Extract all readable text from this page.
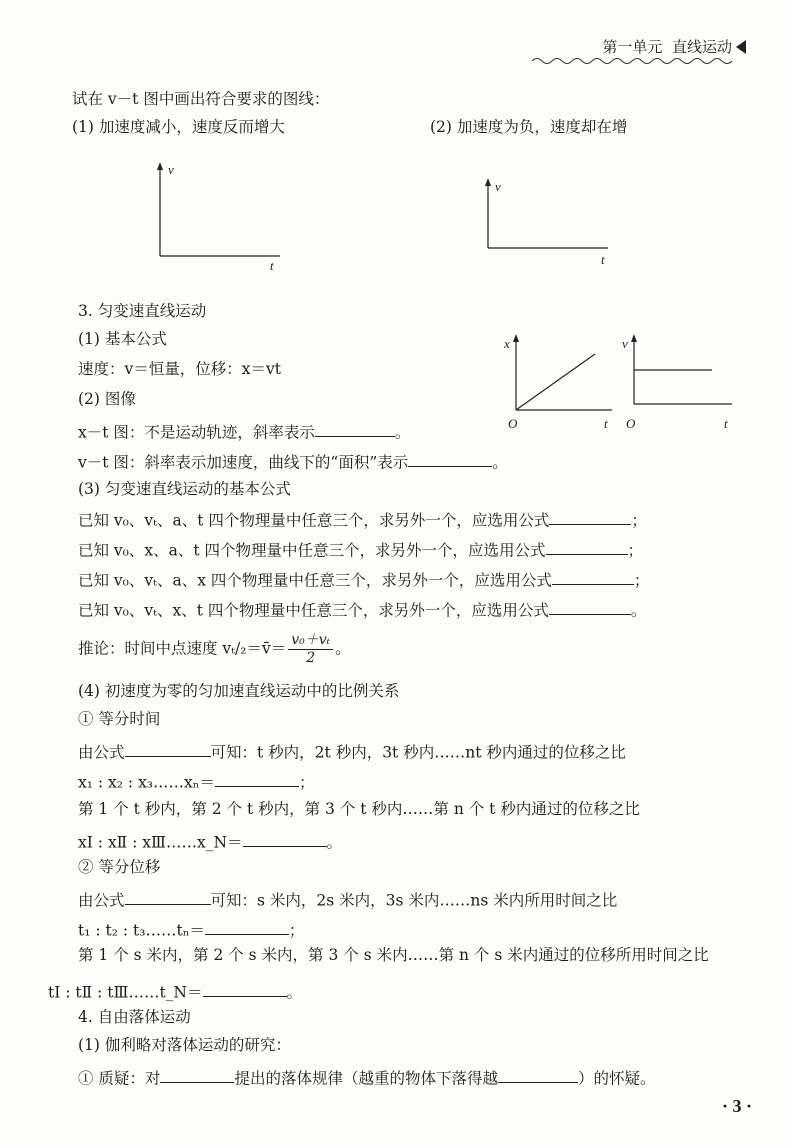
第一单元 直线运动
试在 v－t 图中画出符合要求的图线：
(1) 加速度减小，速度反而增大	(2) 加速度为负，速度却在增
v
t
v
t
3. 匀变速直线运动
(1) 基本公式
速度：v＝恒量，位移：x＝vt
(2) 图像
x－t 图：不是运动轨迹，斜率表示	。
v－t 图：斜率表示加速度，曲线下的“面积”表示	。
x
O	t
v
O	t
(3) 匀变速直线运动的基本公式
已知 v₀、vₜ、a、t 四个物理量中任意三个，求另外一个，应选用公式	；
已知 v₀、x、a、t 四个物理量中任意三个，求另外一个，应选用公式	；
已知 v₀、vₜ、a、x 四个物理量中任意三个，求另外一个，应选用公式	；
已知 v₀、vₜ、x、t 四个物理量中任意三个，求另外一个，应选用公式	。
推论：时间中点速度 vₜ/₂＝v̄＝ $\frac{\text{v₀＋vₜ}}{2}$ 。
(4) 初速度为零的匀加速直线运动中的比例关系
① 等分时间
由公式	可知：t 秒内，2t 秒内，3t 秒内……nt 秒内通过的位移之比
x₁ : x₂ : x₃……xₙ＝	；
第 1 个 t 秒内，第 2 个 t 秒内，第 3 个 t 秒内……第 n 个 t 秒内通过的位移之比
xⅠ : xⅡ : xⅢ……x_N＝	。
② 等分位移
由公式	可知：s 米内，2s 米内，3s 米内……ns 米内所用时间之比
t₁ : t₂ : t₃……tₙ＝	；
第 1 个 s 米内，第 2 个 s 米内，第 3 个 s 米内……第 n 个 s 米内通过的位移所用时间之比
tⅠ : tⅡ : tⅢ……t_N＝	。
4. 自由落体运动
(1) 伽利略对落体运动的研究：
① 质疑：对	提出的落体规律（越重的物体下落得越	）的怀疑。
· 3 ·
